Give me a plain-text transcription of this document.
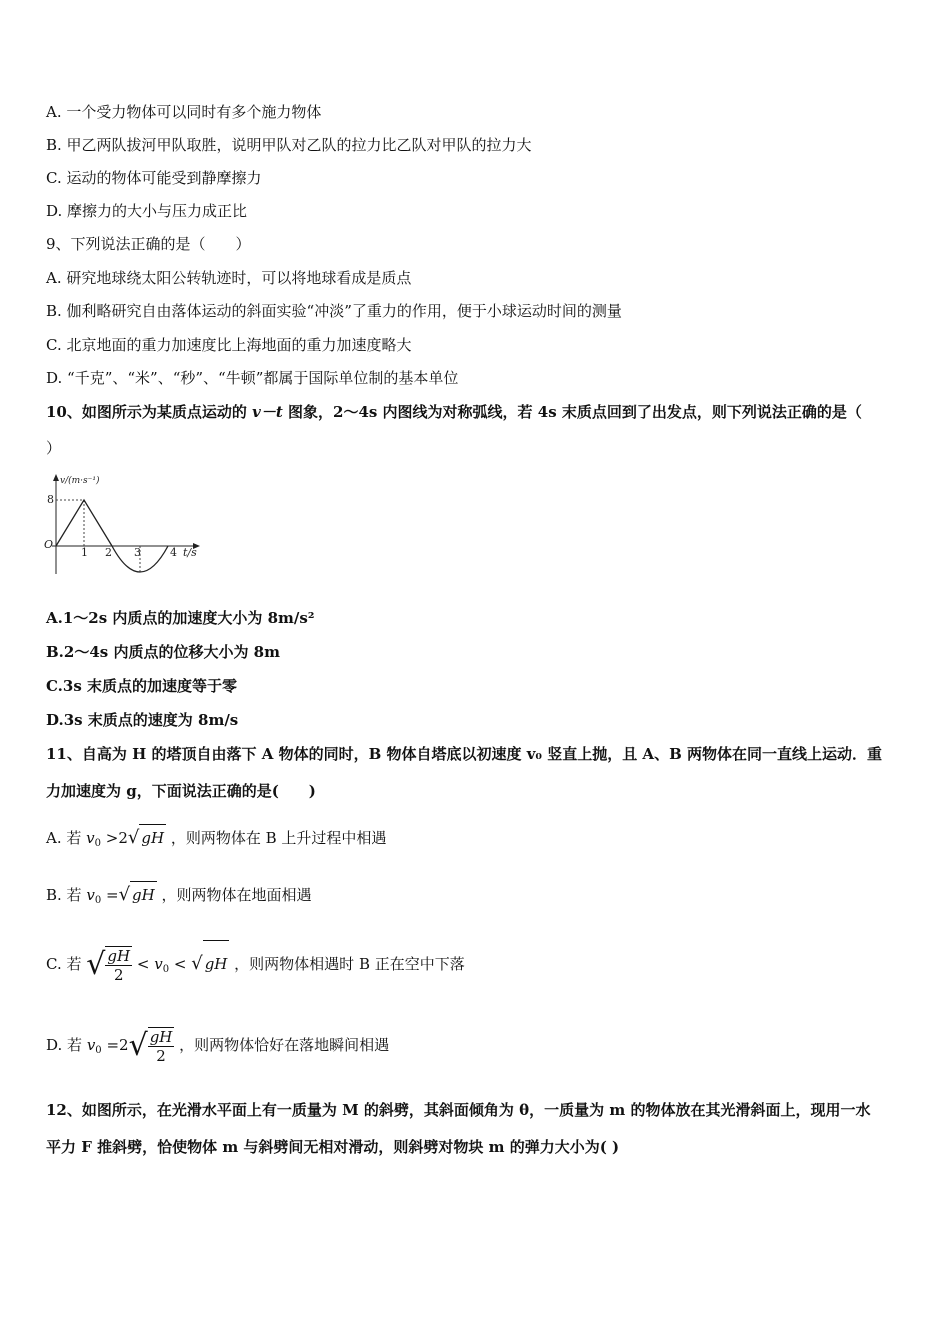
A. 一个受力物体可以同时有多个施力物体
B. 甲乙两队拔河甲队取胜，说明甲队对乙队的拉力比乙队对甲队的拉力大
C. 运动的物体可能受到静摩擦力
D. 摩擦力的大小与压力成正比
9、下列说法正确的是（　　）
A. 研究地球绕太阳公转轨迹时，可以将地球看成是质点
B. 伽利略研究自由落体运动的斜面实验“冲淡”了重力的作用，便于小球运动时间的测量
C. 北京地面的重力加速度比上海地面的重力加速度略大
D. “千克”、“米”、“秒”、“牛顿”都属于国际单位制的基本单位
10、如图所示为某质点运动的 v－t 图象，2～4s 内图线为对称弧线，若 4s 末质点回到了出发点，则下列说法正确的是（
）
v/(m·s⁻¹)
O
8
t/s
1 2 3	4
A.1～2s 内质点的加速度大小为 8m/s²
B.2～4s 内质点的位移大小为 8m
C.3s 末质点的加速度等于零
D.3s 末质点的速度为 8m/s
11、自高为 H 的塔顶自由落下 A 物体的同时，B 物体自塔底以初速度 v₀ 竖直上抛，且 A、B 两物体在同一直线上运动．重
力加速度为 g，下面说法正确的是(　　)
A. 若 $v_0 >2√$ gH ，则两物体在 B 上升过程中相遇
B. 若 $v_0$ =√ gH ，则两物体在地面相遇
C. 若 √ $\frac{gH}{2} < v_0$ < √ gH ，则两物体相遇时 B 正在空中下落
D. 若 $v_0 =2√ \frac{gH}{2}$ ，则两物体恰好在落地瞬间相遇
12、如图所示，在光滑水平面上有一质量为 M 的斜劈，其斜面倾角为 θ，一质量为 m 的物体放在其光滑斜面上，现用一水
平力 F 推斜劈，恰使物体 m 与斜劈间无相对滑动，则斜劈对物块 m 的弹力大小为( )
